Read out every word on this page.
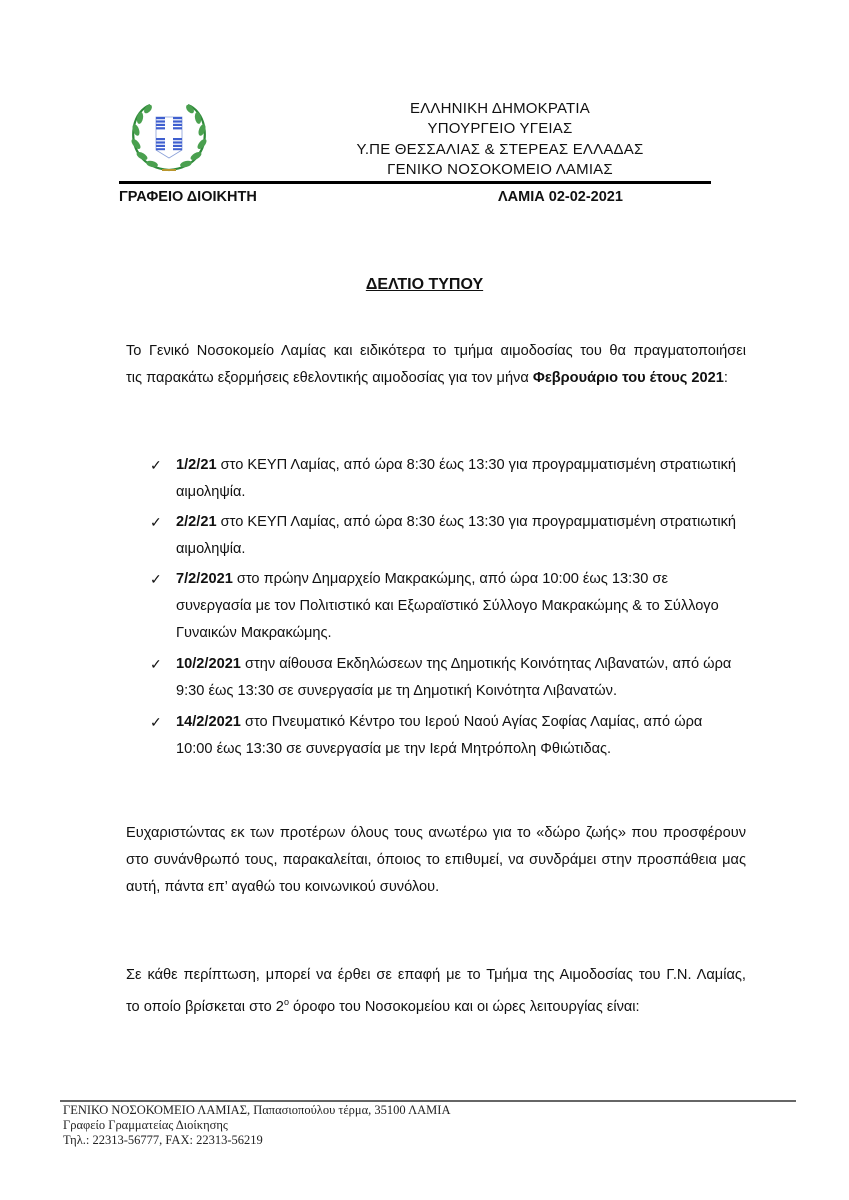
ΕΛΛΗΝΙΚΗ ΔΗΜΟΚΡΑΤΙΑ
ΥΠΟΥΡΓΕΙΟ ΥΓΕΙΑΣ
Υ.ΠΕ ΘΕΣΣΑΛΙΑΣ & ΣΤΕΡΕΑΣ ΕΛΛΑΔΑΣ
ΓΕΝΙΚΟ ΝΟΣΟΚΟΜΕΙΟ ΛΑΜΙΑΣ
ΓΡΑΦΕΙΟ ΔΙΟΙΚΗΤΗ	ΛΑΜΙΑ 02-02-2021
ΔΕΛΤΙΟ ΤΥΠΟΥ
Το Γενικό Νοσοκομείο Λαμίας και ειδικότερα το τμήμα αιμοδοσίας του θα πραγματοποιήσει
τις παρακάτω εξορμήσεις εθελοντικής αιμοδοσίας για τον μήνα Φεβρουάριο του έτους 2021:
✓ 1/2/21 στο ΚΕΥΠ Λαμίας, από ώρα 8:30 έως 13:30 για προγραμματισμένη στρατιωτική
αιμοληψία.
✓ 2/2/21 στο ΚΕΥΠ Λαμίας, από ώρα 8:30 έως 13:30 για προγραμματισμένη στρατιωτική
αιμοληψία.
✓ 7/2/2021 στο πρώην Δημαρχείο Μακρακώμης, από ώρα 10:00 έως 13:30 σε
συνεργασία με τον Πολιτιστικό και Εξωραϊστικό Σύλλογο Μακρακώμης & το Σύλλογο
Γυναικών Μακρακώμης.
✓ 10/2/2021 στην αίθουσα Εκδηλώσεων της Δημοτικής Κοινότητας Λιβανατών, από ώρα
9:30 έως 13:30 σε συνεργασία με τη Δημοτική Κοινότητα Λιβανατών.
✓ 14/2/2021 στο Πνευματικό Κέντρο του Ιερού Ναού Αγίας Σοφίας Λαμίας, από ώρα
10:00 έως 13:30 σε συνεργασία με την Ιερά Μητρόπολη Φθιώτιδας.
Ευχαριστώντας εκ των προτέρων όλους τους ανωτέρω για το «δώρο ζωής» που προσφέρουν
στο συνάνθρωπό τους, παρακαλείται, όποιος το επιθυμεί, να συνδράμει στην προσπάθεια μας
αυτή, πάντα επ’ αγαθώ του κοινωνικού συνόλου.
Σε κάθε περίπτωση, μπορεί να έρθει σε επαφή με το Τμήμα της Αιμοδοσίας του Γ.Ν. Λαμίας,
το οποίο βρίσκεται στο $2^o$ όροφο του Νοσοκομείου και οι ώρες λειτουργίας είναι:
ΓΕΝΙΚΟ ΝΟΣΟΚΟΜΕΙΟ ΛΑΜΙΑΣ, Παπασιοπούλου τέρμα, 35100 ΛΑΜΙΑ
Γραφείο Γραμματείας Διοίκησης
Τηλ.: 22313-56777, FAX: 22313-56219
